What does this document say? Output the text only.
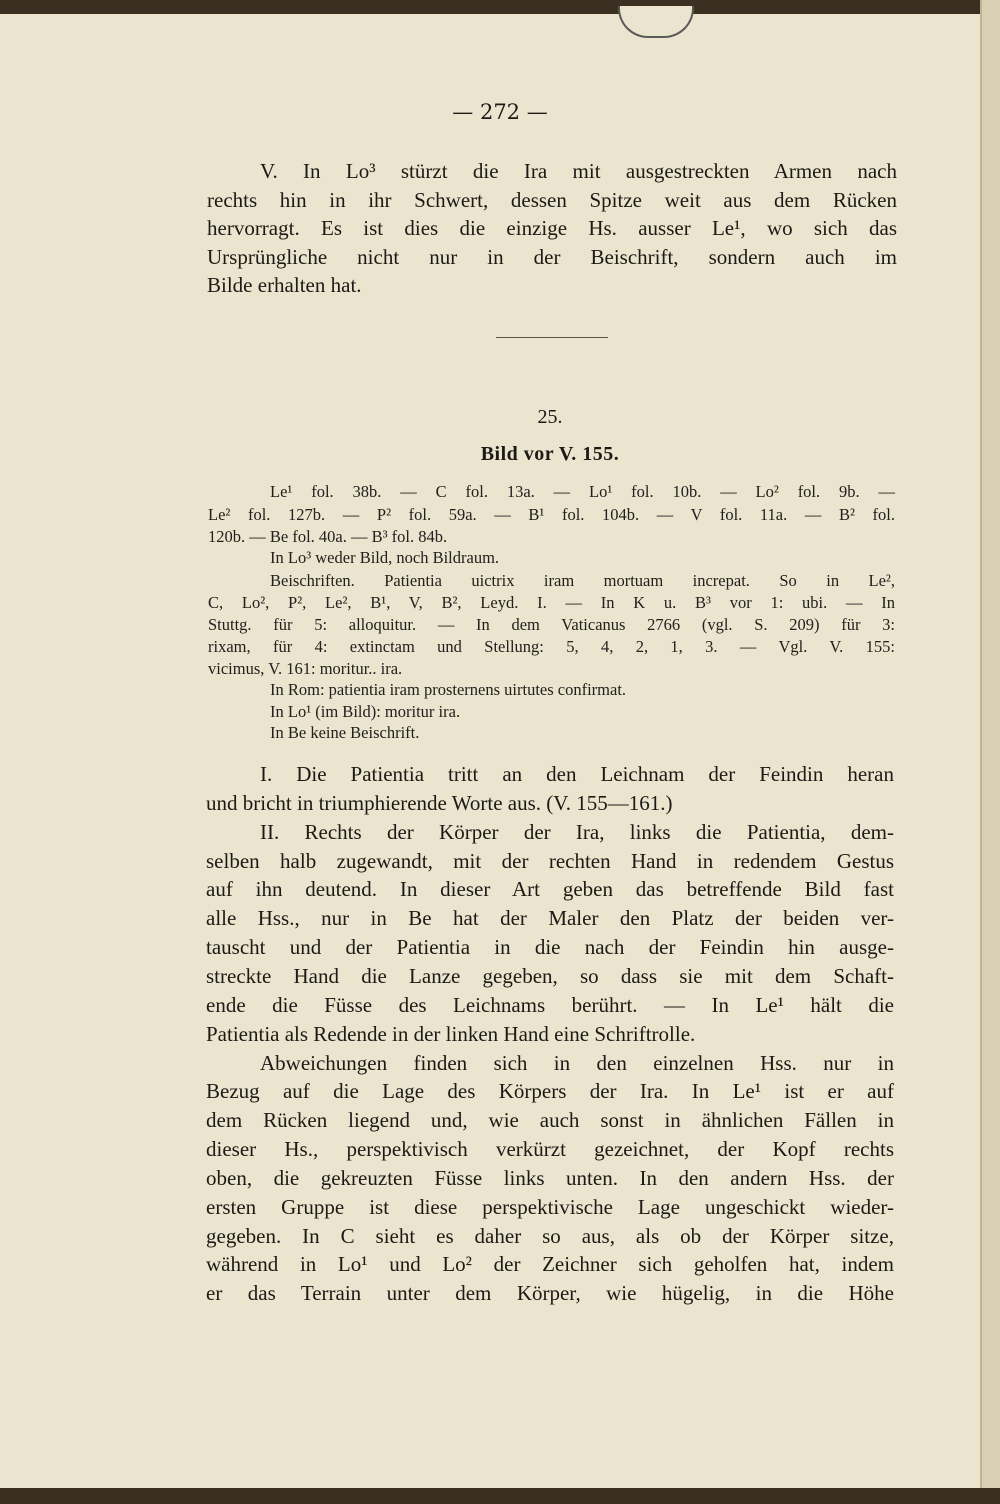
— 272 —
V. In Lo³ stürzt die Ira mit ausgestreckten Armen nach
rechts hin in ihr Schwert, dessen Spitze weit aus dem Rücken
hervorragt. Es ist dies die einzige Hs. ausser Le¹, wo sich das
Ursprüngliche nicht nur in der Beischrift, sondern auch im
Bilde erhalten hat.
25.
Bild vor V. 155.
Le¹ fol. 38b. — C fol. 13a. — Lo¹ fol. 10b. — Lo² fol. 9b. —
Le² fol. 127b. — P² fol. 59a. — B¹ fol. 104b. — V fol. 11a. — B² fol.
120b. — Be fol. 40a. — B³ fol. 84b.
In Lo³ weder Bild, noch Bildraum.
Beischriften. Patientia uictrix iram mortuam increpat. So in Le²,
C, Lo², P², Le², B¹, V, B², Leyd. I. — In K u. B³ vor 1: ubi. — In
Stuttg. für 5: alloquitur. — In dem Vaticanus 2766 (vgl. S. 209) für 3:
rixam, für 4: extinctam und Stellung: 5, 4, 2, 1, 3. — Vgl. V. 155:
vicimus, V. 161: moritur.. ira.
In Rom: patientia iram prosternens uirtutes confirmat.
In Lo¹ (im Bild): moritur ira.
In Be keine Beischrift.
I. Die Patientia tritt an den Leichnam der Feindin heran
und bricht in triumphierende Worte aus. (V. 155—161.)
II. Rechts der Körper der Ira, links die Patientia, dem-
selben halb zugewandt, mit der rechten Hand in redendem Gestus
auf ihn deutend. In dieser Art geben das betreffende Bild fast
alle Hss., nur in Be hat der Maler den Platz der beiden ver-
tauscht und der Patientia in die nach der Feindin hin ausge-
streckte Hand die Lanze gegeben, so dass sie mit dem Schaft-
ende die Füsse des Leichnams berührt. — In Le¹ hält die
Patientia als Redende in der linken Hand eine Schriftrolle.
Abweichungen finden sich in den einzelnen Hss. nur in
Bezug auf die Lage des Körpers der Ira. In Le¹ ist er auf
dem Rücken liegend und, wie auch sonst in ähnlichen Fällen in
dieser Hs., perspektivisch verkürzt gezeichnet, der Kopf rechts
oben, die gekreuzten Füsse links unten. In den andern Hss. der
ersten Gruppe ist diese perspektivische Lage ungeschickt wieder-
gegeben. In C sieht es daher so aus, als ob der Körper sitze,
während in Lo¹ und Lo² der Zeichner sich geholfen hat, indem
er das Terrain unter dem Körper, wie hügelig, in die Höhe
